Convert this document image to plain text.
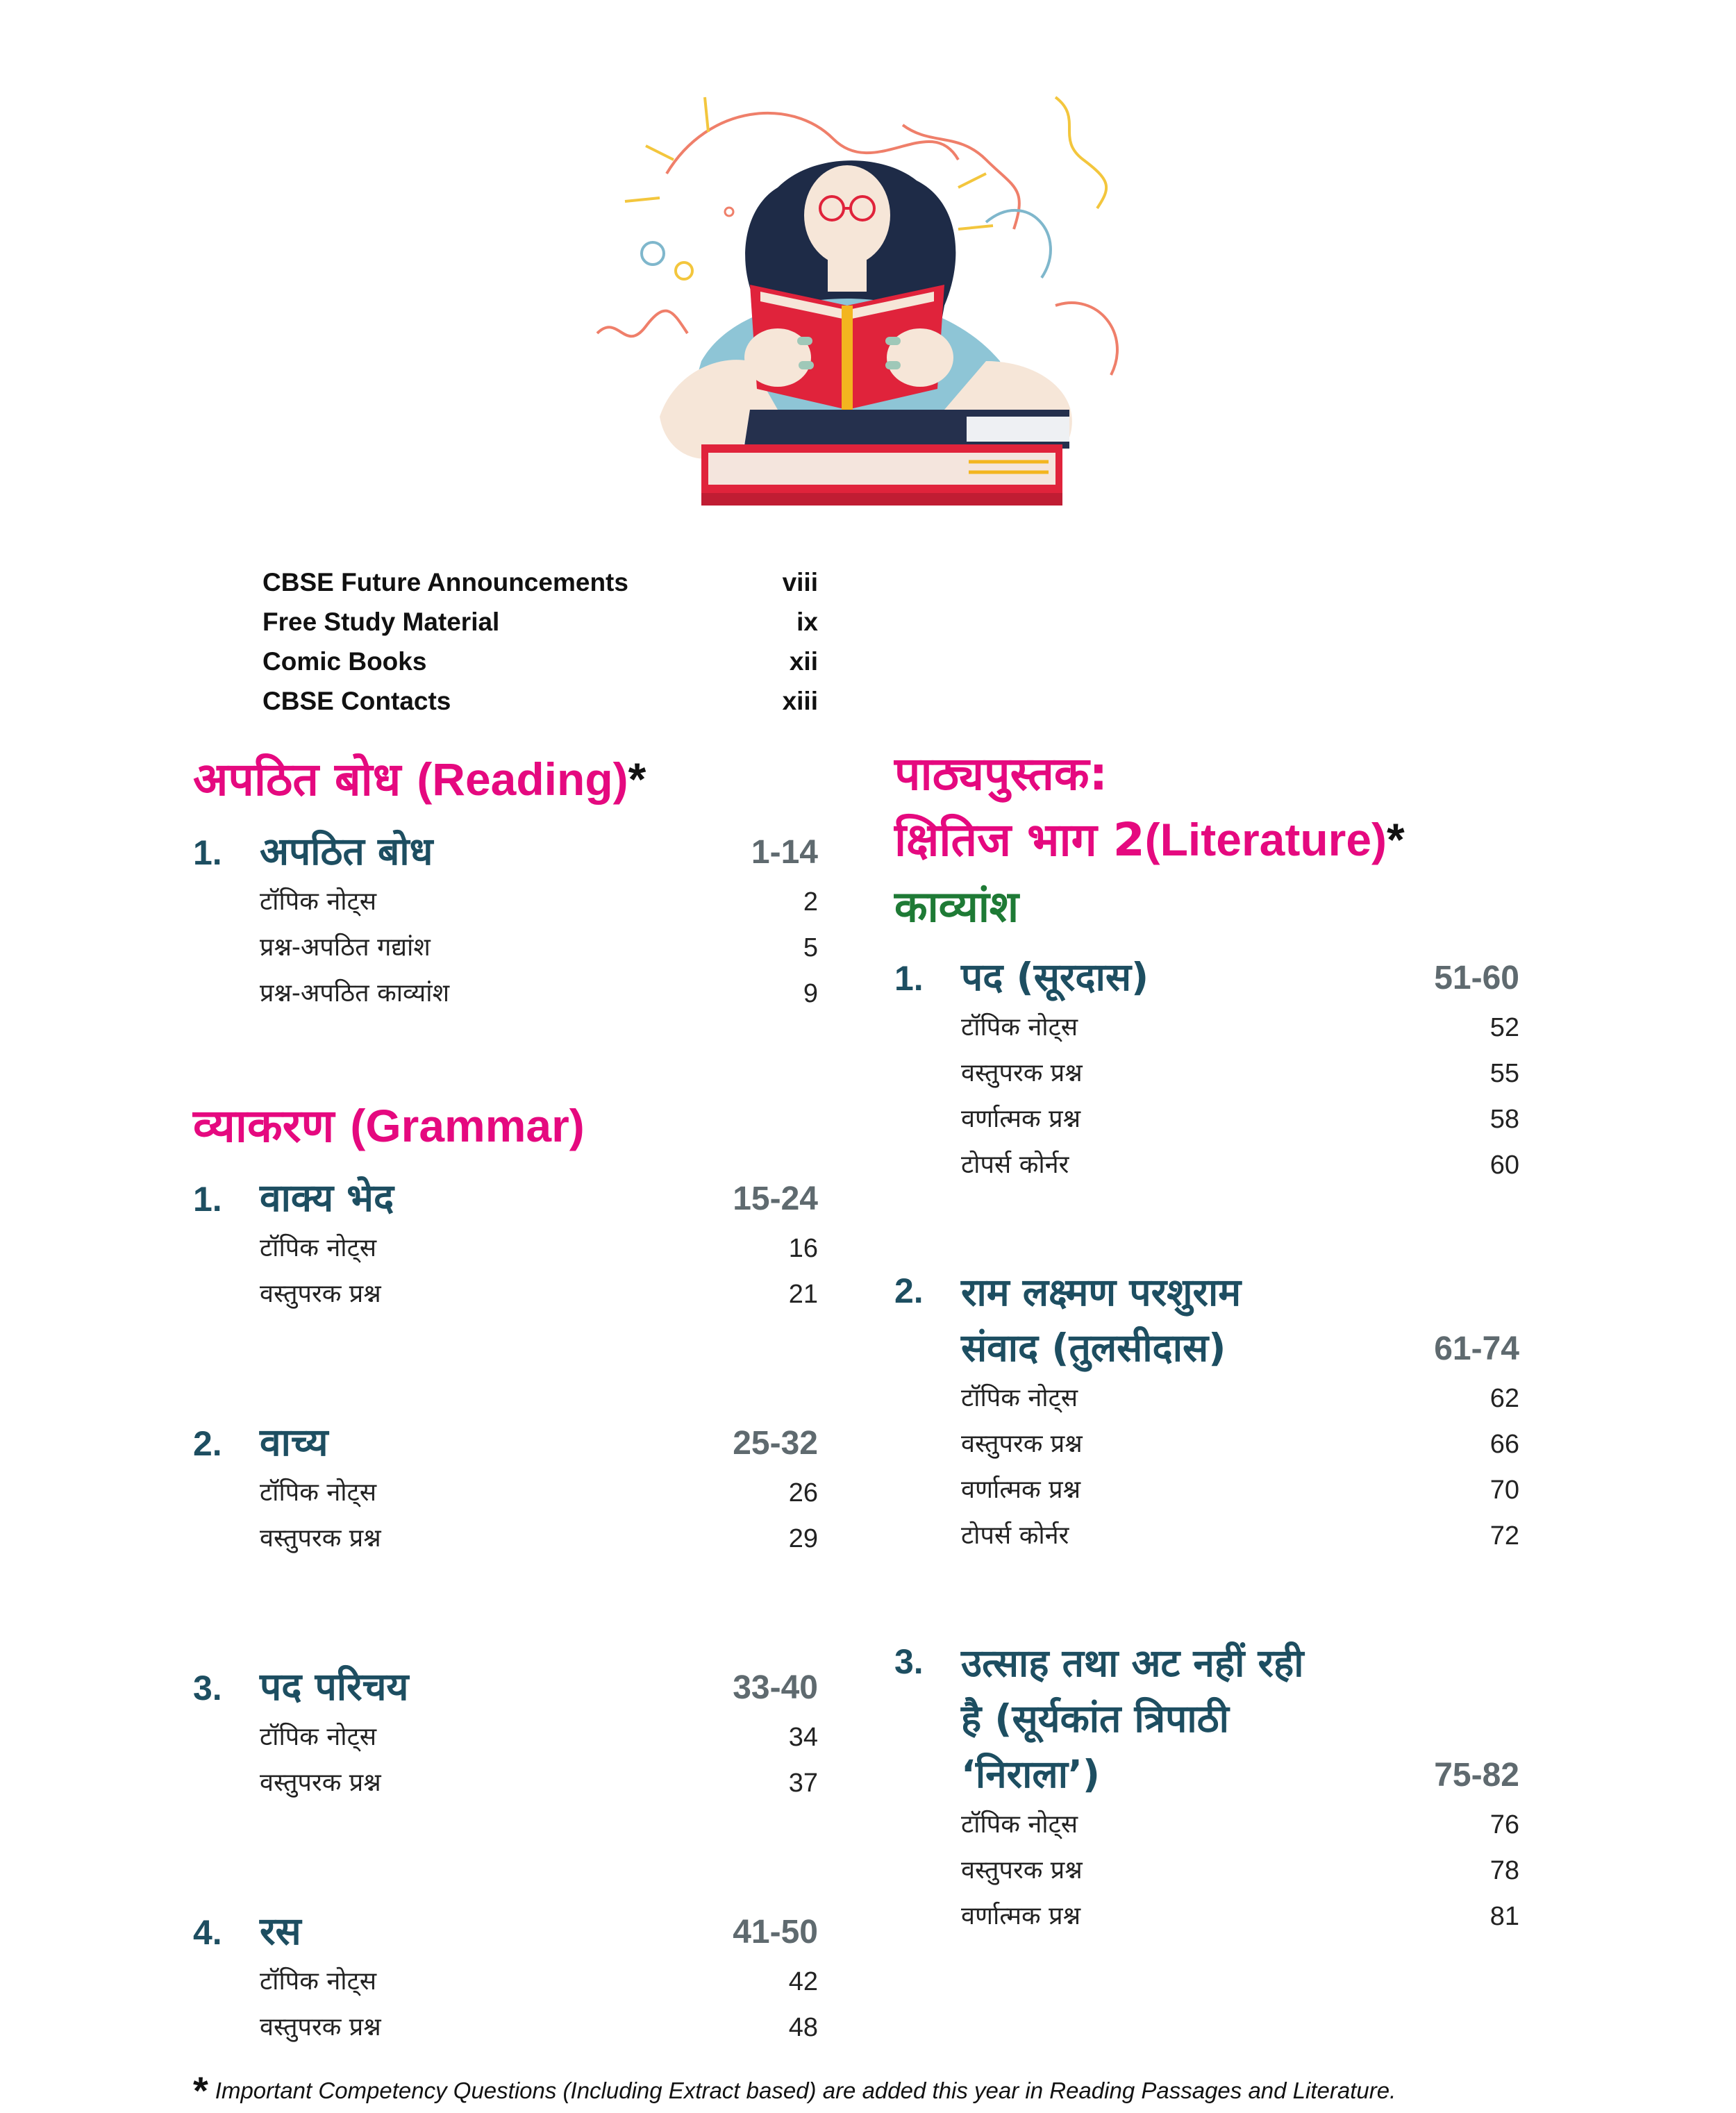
CBSE Future Announcements	viii
Free Study Material	ix
Comic Books	xii
CBSE Contacts	xiii
अपठित बोध (Reading)*
1. अपठित बोध	1-14
टॉपिक नोट्स	2
प्रश्न-अपठित गद्यांश	5
प्रश्न-अपठित काव्यांश	9
व्याकरण (Grammar)
1. वाक्य भेद	15-24
टॉपिक नोट्स	16
वस्तुपरक प्रश्न	21
2. वाच्य	25-32
टॉपिक नोट्स	26
वस्तुपरक प्रश्न	29
3. पद परिचय	33-40
टॉपिक नोट्स	34
वस्तुपरक प्रश्न	37
4. रस	41-50
टॉपिक नोट्स	42
वस्तुपरक प्रश्न	48
पाठ्यपुस्तक:
क्षितिज भाग 2(Literature)*
काव्यांश
1. पद (सूरदास)	51-60
टॉपिक नोट्स	52
वस्तुपरक प्रश्न	55
वर्णात्मक प्रश्न	58
टोपर्स कोर्नर	60
2. राम लक्ष्मण परशुराम
संवाद (तुलसीदास)	61-74
टॉपिक नोट्स	62
वस्तुपरक प्रश्न	66
वर्णात्मक प्रश्न	70
टोपर्स कोर्नर	72
3. उत्साह तथा अट नहीं रही
है (सूर्यकांत त्रिपाठी
‘निराला’)	75-82
टॉपिक नोट्स	76
वस्तुपरक प्रश्न	78
वर्णात्मक प्रश्न	81
* Important Competency Questions (Including Extract based) are added this year in Reading Passages and Literature.
